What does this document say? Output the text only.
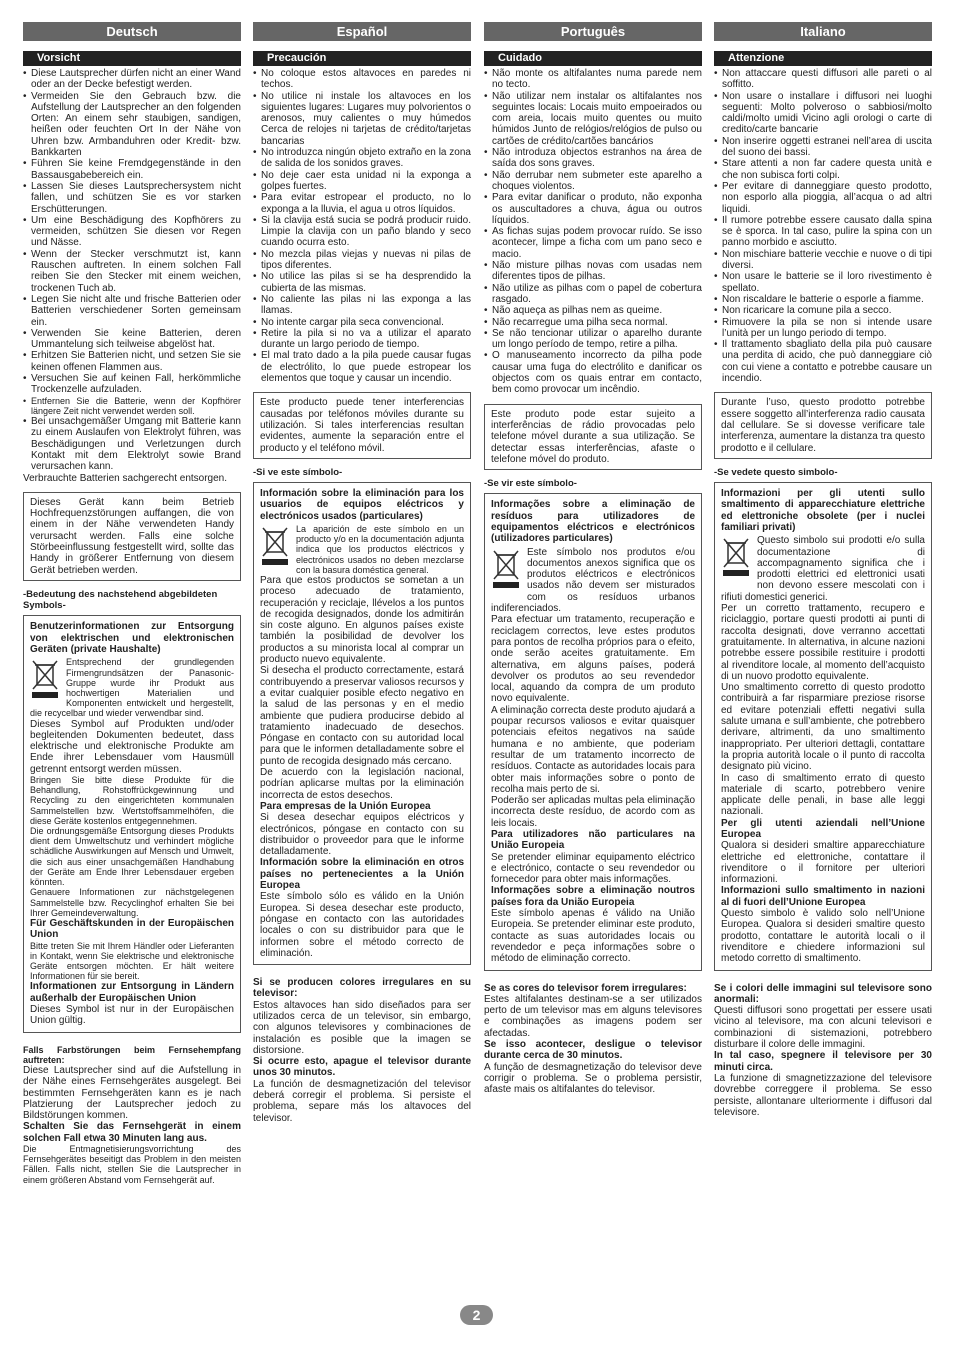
Deutsch
Vorsicht
• Diese Lautsprecher dürfen nicht an einer Wand oder an der Decke befestigt werden.
• Vermeiden Sie den Gebrauch bzw. die Aufstellung der Lautsprecher an den folgenden Orten: An einem sehr staubigen, sandigen, heißen oder feuchten Ort In der Nähe von Uhren bzw. Armbanduhren oder Kredit- bzw. Bankkarten
• Führen Sie keine Fremdgegenstände in den Bassausgabebereich ein.
• Lassen Sie dieses Lautsprechersystem nicht fallen, und schützen Sie es vor starken Erschütterungen.
• Um eine Beschädigung des Kopfhörers zu vermeiden, schützen Sie diesen vor Regen und Nässe.
• Wenn der Stecker verschmutzt ist, kann Rauschen auftreten. In einem solchen Fall reiben Sie den Stecker mit einem weichen, trockenen Tuch ab.
• Legen Sie nicht alte und frische Batterien oder Batterien verschiedener Sorten gemeinsam ein.
• Verwenden Sie keine Batterien, deren Ummantelung sich teilweise abgelöst hat.
• Erhitzen Sie Batterien nicht, und setzen Sie sie keinen offenen Flammen aus.
• Versuchen Sie auf keinen Fall, herkömmliche Trockenzelle aufzuladen.
• Entfernen Sie die Batterie, wenn der Kopfhörer längere Zeit nicht verwendet werden soll.
• Bei unsachgemäßer Umgang mit Batterie kann zu einem Auslaufen von Elektrolyt führen, was Beschädigungen und Verletzungen durch Kontakt mit dem Elektrolyt sowie Brand verursachen kann.
Verbrauchte Batterien sachgerecht entsorgen.

Dieses Gerät kann beim Betrieb Hochfrequenzstörungen auffangen, die von einem in der Nähe verwendeten Handy verursacht werden. Falls eine solche Störbeeinflussung festgestellt wird, sollte das Handy in größerer Entfernung von diesem Gerät betrieben werden.

-Bedeutung des nachstehend abgebildeten Symbols-
Benutzerinformationen zur Entsorgung von elektrischen und elektronischen Geräten (private Haushalte)

Entsprechend der grundlegenden Firmengrundsätzen der Panasonic-Gruppe wurde ihr Produkt aus hochwertigen Materialien und Komponenten entwickelt und hergestellt, die recycelbar und wieder verwendbar sind.

Dieses Symbol auf Produkten und/oder begleitenden Dokumenten bedeutet, dass elektrische und elektronische Produkte am Ende ihrer Lebensdauer vom Hausmüll getrennt entsorgt werden müssen.

Bringen Sie bitte diese Produkte für die Behandlung, Rohstoffrückgewinnung und Recycling zu den eingerichteten kommunalen Sammelstellen bzw. Wertstoffsammelhöfen, die diese Geräte kostenlos entgegennehmen.

Die ordnungsgemäße Entsorgung dieses Produkts dient dem Umweltschutz und verhindert mögliche schädliche Auswirkungen auf Mensch und Umwelt, die sich aus einer unsachgemäßen Handhabung der Geräte am Ende Ihrer Lebensdauer ergeben könnten.

Genauere Informationen zur nächstgelegenen Sammelstelle bzw. Recyclinghof erhalten Sie bei Ihrer Gemeindeverwaltung.

Für Geschäftskunden in der Europäischen Union

Bitte treten Sie mit Ihrem Händler oder Lieferanten in Kontakt, wenn Sie elektrische und elektronische Geräte entsorgen möchten. Er hält weitere Informationen für sie bereit.

Informationen zur Entsorgung in Ländern außerhalb der Europäischen Union

Dieses Symbol ist nur in der Europäischen Union gültig.

Falls Farbstörungen beim Fernsehempfang auftreten:

Diese Lautsprecher sind auf die Aufstellung in der Nähe eines Fernsehgerätes ausgelegt. Bei bestimmten Fernsehgeräten kann es je nach Platzierung der Lautsprecher jedoch zu Bildstörungen kommen.

Schalten Sie das Fernsehgerät in einem solchen Fall etwa 30 Minuten lang aus.

Die Entmagnetisierungsvorrichtung des Fernsehgerätes beseitigt das Problem in den meisten Fällen. Falls nicht, stellen Sie die Lautsprecher in einem größeren Abstand vom Fernsehgerät auf.

Español
Precaución
• No coloque estos altavoces en paredes ni techos.
• No utilice ni instale los altavoces en los siguientes lugares: Lugares muy polvorientos o arenosos, muy calientes o muy húmedos Cerca de relojes ni tarjetas de crédito/tarjetas bancarias
• No introduzca ningún objeto extraño en la zona de salida de los sonidos graves.
• No deje caer esta unidad ni la exponga a golpes fuertes.
• Para evitar estropear el producto, no lo exponga a la lluvia, el agua u otros líquidos.
• Si la clavija está sucia se podrá producir ruido. Limpie la clavija con un paño blando y seco cuando ocurra esto.
• No mezcla pilas viejas y nuevas ni pilas de tipos diferentes.
• No utilice las pilas si se ha desprendido la cubierta de las mismas.
• No caliente las pilas ni las exponga a las llamas.
• No intente cargar pila seca convencional.
• Retire la pila si no va a utilizar el aparato durante un largo periodo de tiempo.
• El mal trato dado a la pila puede causar fugas de electrólito, lo que puede estropear los elementos que toque y causar un incendio.

Este producto puede tener interferencias causadas por teléfonos móviles durante su utilización. Si tales interferencias resultan evidentes, aumente la separación entre el producto y el teléfono móvil.

-Si ve este símbolo-
Información sobre la eliminación para los usuarios de equipos eléctricos y electrónicos usados (particulares)

La aparición de este símbolo en un producto y/o en la documentación adjunta indica que los productos eléctricos y electrónicos usados no deben mezclarse con la basura doméstica general.

Para que estos productos se sometan a un proceso adecuado de tratamiento, recuperación y reciclaje, llévelos a los puntos de recogida designados, donde los admitirán sin coste alguno. En algunos países existe también la posibilidad de devolver los productos a su minorista local al comprar un producto nuevo equivalente.

Si desecha el producto correctamente, estará contribuyendo a preservar valiosos recursos y a evitar cualquier posible efecto negativo en la salud de las personas y en el medio ambiente que pudiera producirse debido al tratamiento inadecuado de desechos. Póngase en contacto con su autoridad local para que le informen detalladamente sobre el punto de recogida designado más cercano.

De acuerdo con la legislación nacional, podrían aplicarse multas por la eliminación incorrecta de estos desechos.

Para empresas de la Unión Europea

Si desea desechar equipos eléctricos y electrónicos, póngase en contacto con su distribuidor o proveedor para que le informe detalladamente.

Información sobre la eliminación en otros países no pertenecientes a la Unión Europea

Este símbolo sólo es válido en la Unión Europea. Si desea desechar este producto, póngase en contacto con las autoridades locales o con su distribuidor para que le informen sobre el método correcto de eliminación.

Si se producen colores irregulares en su televisor:

Estos altavoces han sido diseñados para ser utilizados cerca de un televisor, sin embargo, con algunos televisores y combinaciones de instalación es posible que la imagen se distorsione.

Si ocurre esto, apague el televisor durante unos 30 minutos.

La función de desmagnetización del televisor deberá corregir el problema. Si persiste el problema, separe más los altavoces del televisor.

Português
Cuidado
• Não monte os altifalantes numa parede nem no tecto.
• Não utilizar nem instalar os altifalantes nos seguintes locais: Locais muito empoeirados ou com areia, locais muito quentes ou muito húmidos Junto de relógios/relógios de pulso ou cartões de crédito/cartões bancários
• Não introduza objectos estranhos na área de saída dos sons graves.
• Não derrubar nem submeter este aparelho a choques violentos.
• Para evitar danificar o produto, não exponha os auscultadores a chuva, água ou outros líquidos.
• As fichas sujas podem provocar ruído. Se isso acontecer, limpe a ficha com um pano seco e macio.
• Não misture pilhas novas com usadas nem diferentes tipos de pilhas.
• Não utilize as pilhas com o papel de cobertura rasgado.
• Não aqueça as pilhas nem as queime.
• Não recarregue uma pilha seca normal.
• Se não tencionar utilizar o aparelho durante um longo período de tempo, retire a pilha.
• O manuseamento incorrecto da pilha pode causar uma fuga do electrólito e danificar os objectos com os quais entrar em contacto, bem como provocar um incêndio.

Este produto pode estar sujeito a interferências de rádio provocadas pelo telefone móvel durante a sua utilização. Se detectar essas interferências, afaste o telefone móvel do produto.

-Se vir este símbolo-
Informações sobre a eliminação de resíduos para utilizadores de equipamentos eléctricos e electrónicos (utilizadores particulares)

Este símbolo nos produtos e/ou documentos anexos significa que os produtos eléctricos e electrónicos usados não devem ser misturados com os resíduos urbanos indiferenciados.

Para efectuar um tratamento, recuperação e reciclagem correctos, leve estes produtos para pontos de recolha próprios para o efeito, onde serão aceites gratuitamente. Em alternativa, em alguns países, poderá devolver os produtos ao seu revendedor local, aquando da compra de um produto novo equivalente.

A eliminação correcta deste produto ajudará a poupar recursos valiosos e evitar quaisquer potenciais efeitos negativos na saúde humana e no ambiente, que poderiam resultar de um tratamento incorrecto de resíduos. Contacte as autoridades locais para obter mais informações sobre o ponto de recolha mais perto de si.

Poderão ser aplicadas multas pela eliminação incorrecta deste resíduo, de acordo com as leis locais.

Para utilizadores não particulares na União Europeia

Se pretender eliminar equipamento eléctrico e electrónico, contacte o seu revendedor ou fornecedor para obter mais informações.

Informações sobre a eliminação noutros países fora da União Europeia

Este símbolo apenas é válido na União Europeia. Se pretender eliminar este produto, contacte as suas autoridades locais ou revendedor e peça informações sobre o método de eliminação correcto.

Se as cores do televisor forem irregulares:

Estes altifalantes destinam-se a ser utilizados perto de um televisor mas em alguns televisores e combinações as imagens podem ser afectadas.

Se isso acontecer, desligue o televisor durante cerca de 30 minutos.

A função de desmagnetização do televisor deve corrigir o problema. Se o problema persistir, afaste mais os altifalantes do televisor.

Italiano
Attenzione
• Non attaccare questi diffusori alle pareti o al soffitto.
• Non usare o installare i diffusori nei luoghi seguenti: Molto polveroso o sabbiosi/molto caldi/molto umidi Vicino agli orologi o carte di credito/carte bancarie
• Non inserire oggetti estranei nell’area di uscita del suono dei bassi.
• Stare attenti a non far cadere questa unità e che non subisca forti colpi.
• Per evitare di danneggiare questo prodotto, non esporlo alla pioggia, all’acqua o ad altri liquidi.
• Il rumore potrebbe essere causato dalla spina se è sporca. In tal caso, pulire la spina con un panno morbido e asciutto.
• Non mischiare batterie vecchie e nuove o di tipi diversi.
• Non usare le batterie se il loro rivestimento è spellato.
• Non riscaldare le batterie o esporle a fiamme.
• Non ricaricare la comune pila a secco.
• Rimuovere la pila se non si intende usare l’unità per un lungo periodo di tempo.
• Il trattamento sbagliato della pila può causare una perdita di acido, che può danneggiare ciò con cui viene a contatto e potrebbe causare un incendio.

Durante l’uso, questo prodotto potrebbe essere soggetto all’interferenza radio causata dal cellulare. Se si dovesse verificare tale interferenza, aumentare la distanza tra questo prodotto e il cellulare.

-Se vedete questo simbolo-
Informazioni per gli utenti sullo smaltimento di apparecchiature elettriche ed elettroniche obsolete (per i nuclei familiari privati)

Questo simbolo sui prodotti e/o sulla documentazione di accompagnamento significa che i prodotti elettrici ed elettronici usati non devono essere mescolati con i rifiuti domestici generici.

Per un corretto trattamento, recupero e riciclaggio, portare questi prodotti ai punti di raccolta designati, dove verranno accettati gratuitamente. In alternativa, in alcune nazioni potrebbe essere possibile restituire i prodotti al rivenditore locale, al momento dell’acquisto di un nuovo prodotto equivalente.

Uno smaltimento corretto di questo prodotto contribuirà a far risparmiare preziose risorse ed evitare potenziali effetti negativi sulla salute umana e sull’ambiente, che potrebbero derivare, altrimenti, da uno smaltimento inappropriato. Per ulteriori dettagli, contattare la propria autorità locale o il punto di raccolta designato più vicino.

In caso di smaltimento errato di questo materiale di scarto, potrebbero venire applicate delle penali, in base alle leggi nazionali.

Per gli utenti aziendali nell’Unione Europea

Qualora si desideri smaltire apparecchiature elettriche ed elettroniche, contattare il rivenditore o il fornitore per ulteriori informazioni.

Informazioni sullo smaltimento in nazioni al di fuori dell’Unione Europea

Questo simbolo è valido solo nell’Unione Europea. Qualora si desideri smaltire questo prodotto, contattare le autorità locali o il rivenditore e chiedere informazioni sul metodo corretto di smaltimento.

Se i colori delle immagini sul televisore sono anormali:

Questi diffusori sono progettati per essere usati vicino al televisore, ma con alcuni televisori e combinazioni di sistemazioni, potrebbero disturbare il colore delle immagini.

In tal caso, spegnere il televisore per 30 minuti circa.

La funzione di smagnetizzazione del televisore dovrebbe correggere il problema. Se esso persiste, allontanare ulteriormente i diffusori dal televisore.

2
